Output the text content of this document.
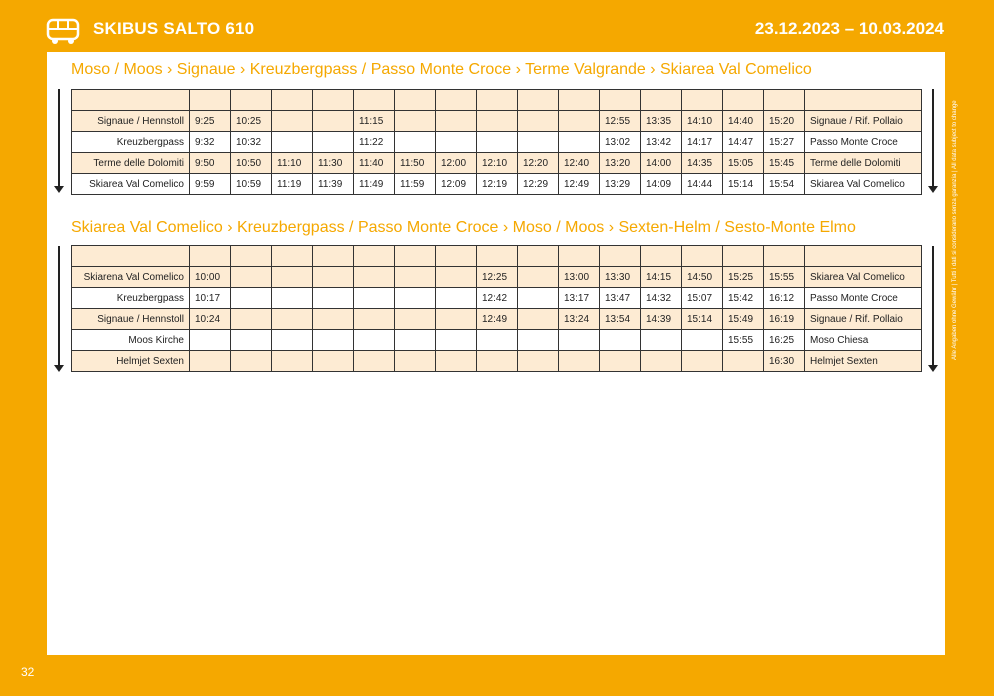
SKIBUS SALTO 610	23.12.2023 – 10.03.2024
Moso / Moos › Signaue › Kreuzbergpass / Passo Monte Croce › Terme Valgrande › Skiarea Val Comelico

Signaue / Hennstoll	9:25	10:25			11:15						12:55	13:35	14:10	14:40	15:20	Signaue / Rif. Pollaio
Kreuzbergpass	9:32	10:32			11:22						13:02	13:42	14:17	14:47	15:27	Passo Monte Croce
Terme delle Dolomiti	9:50	10:50	11:10	11:30	11:40	11:50	12:00	12:10	12:20	12:40	13:20	14:00	14:35	15:05	15:45	Terme delle Dolomiti
Skiarea Val Comelico	9:59	10:59	11:19	11:39	11:49	11:59	12:09	12:19	12:29	12:49	13:29	14:09	14:44	15:14	15:54	Skiarea Val Comelico
Skiarea Val Comelico › Kreuzbergpass / Passo Monte Croce › Moso / Moos › Sexten-Helm / Sesto-Monte Elmo

Skiarena Val Comelico	10:00							12:25		13:00	13:30	14:15	14:50	15:25	15:55	Skiarea Val Comelico
Kreuzbergpass	10:17							12:42		13:17	13:47	14:32	15:07	15:42	16:12	Passo Monte Croce
Signaue / Hennstoll	10:24							12:49		13:24	13:54	14:39	15:14	15:49	16:19	Signaue / Rif. Pollaio
Moos Kirche														15:55	16:25	Moso Chiesa
Helmjet Sexten															16:30	Helmjet Sexten
Alle Angaben ohne Gewähr | Tutti i dati si considerano senza garanzia | All data subject to change
32
